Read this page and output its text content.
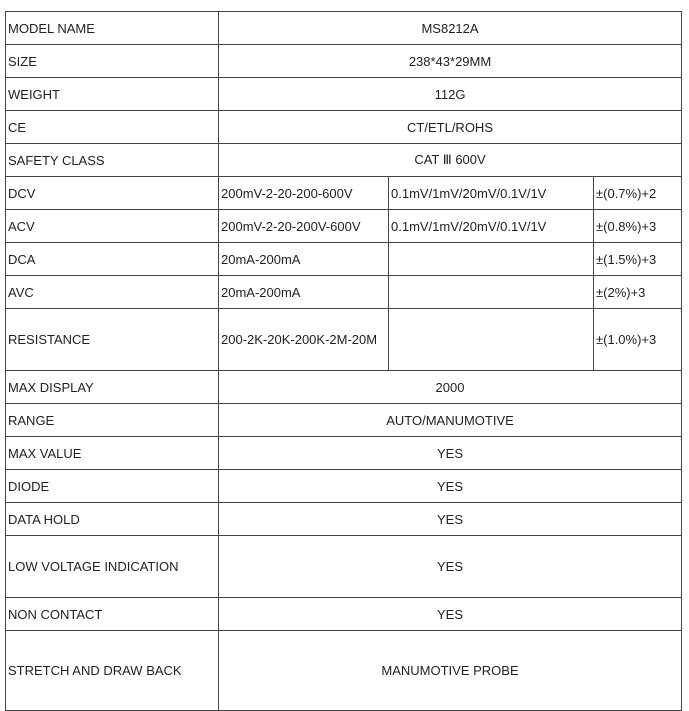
MODEL NAME	MS8212A		
SIZE	238*43*29MM		
WEIGHT	112G		
CE	CT/ETL/ROHS		
SAFETY CLASS	CAT Ⅲ 600V		
DCV	200mV-2-20-200-600V	0.1mV/1mV/20mV/0.1V/1V	±(0.7%)+2
ACV	200mV-2-20-200V-600V	0.1mV/1mV/20mV/0.1V/1V	±(0.8%)+3
DCA	20mA-200mA		±(1.5%)+3
AVC	20mA-200mA		±(2%)+3
RESISTANCE	200-2K-20K-200K-2M-20M		±(1.0%)+3
MAX DISPLAY	2000		
RANGE	AUTO/MANUMOTIVE		
MAX VALUE	YES		
DIODE	YES		
DATA HOLD	YES		
LOW VOLTAGE INDICATION	YES		
NON CONTACT	YES		
STRETCH AND DRAW BACK	MANUMOTIVE PROBE		
